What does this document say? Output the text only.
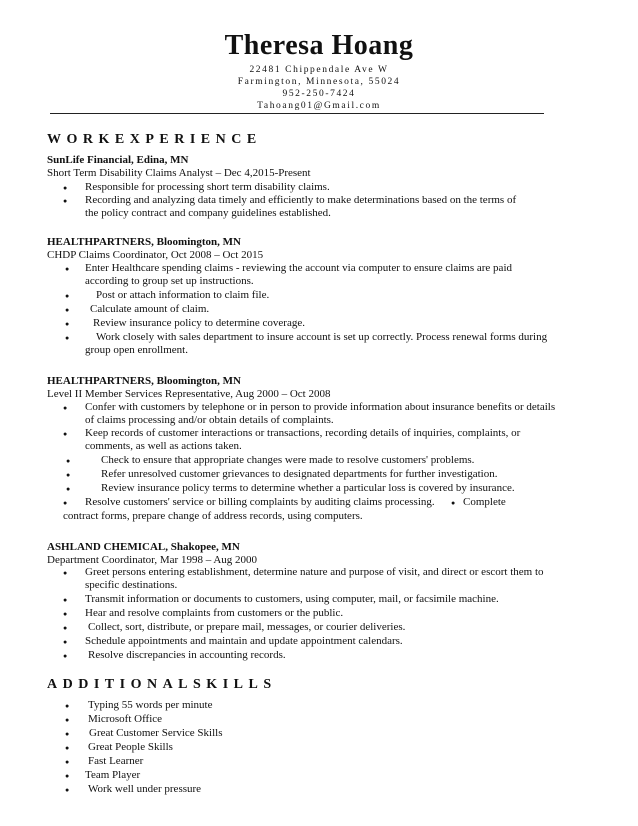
Theresa Hoang
22481 Chippendale Ave W
Farmington, Minnesota, 55024
952-250-7424
Tahoang01@Gmail.com
WORKEXPERIENCE
SunLife Financial, Edina, MN
Short Term Disability Claims Analyst – Dec 4,2015-Present
● Responsible for processing short term disability claims.
● Recording and analyzing data timely and efficiently to make determinations based on the terms of
the policy contract and company guidelines established.
HEALTHPARTNERS, Bloomington, MN
CHDP Claims Coordinator, Oct 2008 – Oct 2015
● Enter Healthcare spending claims - reviewing the account via computer to ensure claims are paid
according to group set up instructions.
● Post or attach information to claim file.
● Calculate amount of claim.
● Review insurance policy to determine coverage.
● Work closely with sales department to insure account is set up correctly. Process renewal forms during
group open enrollment.
HEALTHPARTNERS, Bloomington, MN
Level II Member Services Representative, Aug 2000 – Oct 2008
● Confer with customers by telephone or in person to provide information about insurance benefits or details
of claims processing and/or obtain details of complaints.
● Keep records of customer interactions or transactions, recording details of inquiries, complaints, or
comments, as well as actions taken.
●	Check to ensure that appropriate changes were made to resolve customers' problems.
●	Refer unresolved customer grievances to designated departments for further investigation.
●	Review insurance policy terms to determine whether a particular loss is covered by insurance.
● Resolve customers' service or billing complaints by auditing claims processing. ● Complete
contract forms, prepare change of address records, using computers.
ASHLAND CHEMICAL, Shakopee, MN
Department Coordinator, Mar 1998 – Aug 2000
● Greet persons entering establishment, determine nature and purpose of visit, and direct or escort them to
specific destinations.
● Transmit information or documents to customers, using computer, mail, or facsimile machine.
● Hear and resolve complaints from customers or the public.
● Collect, sort, distribute, or prepare mail, messages, or courier deliveries.
● Schedule appointments and maintain and update appointment calendars.
● Resolve discrepancies in accounting records.
ADDITIONALSKILLS
● Typing 55 words per minute
● Microsoft Office
● Great Customer Service Skills
● Great People Skills
● Fast Learner
● Team Player
● Work well under pressure
